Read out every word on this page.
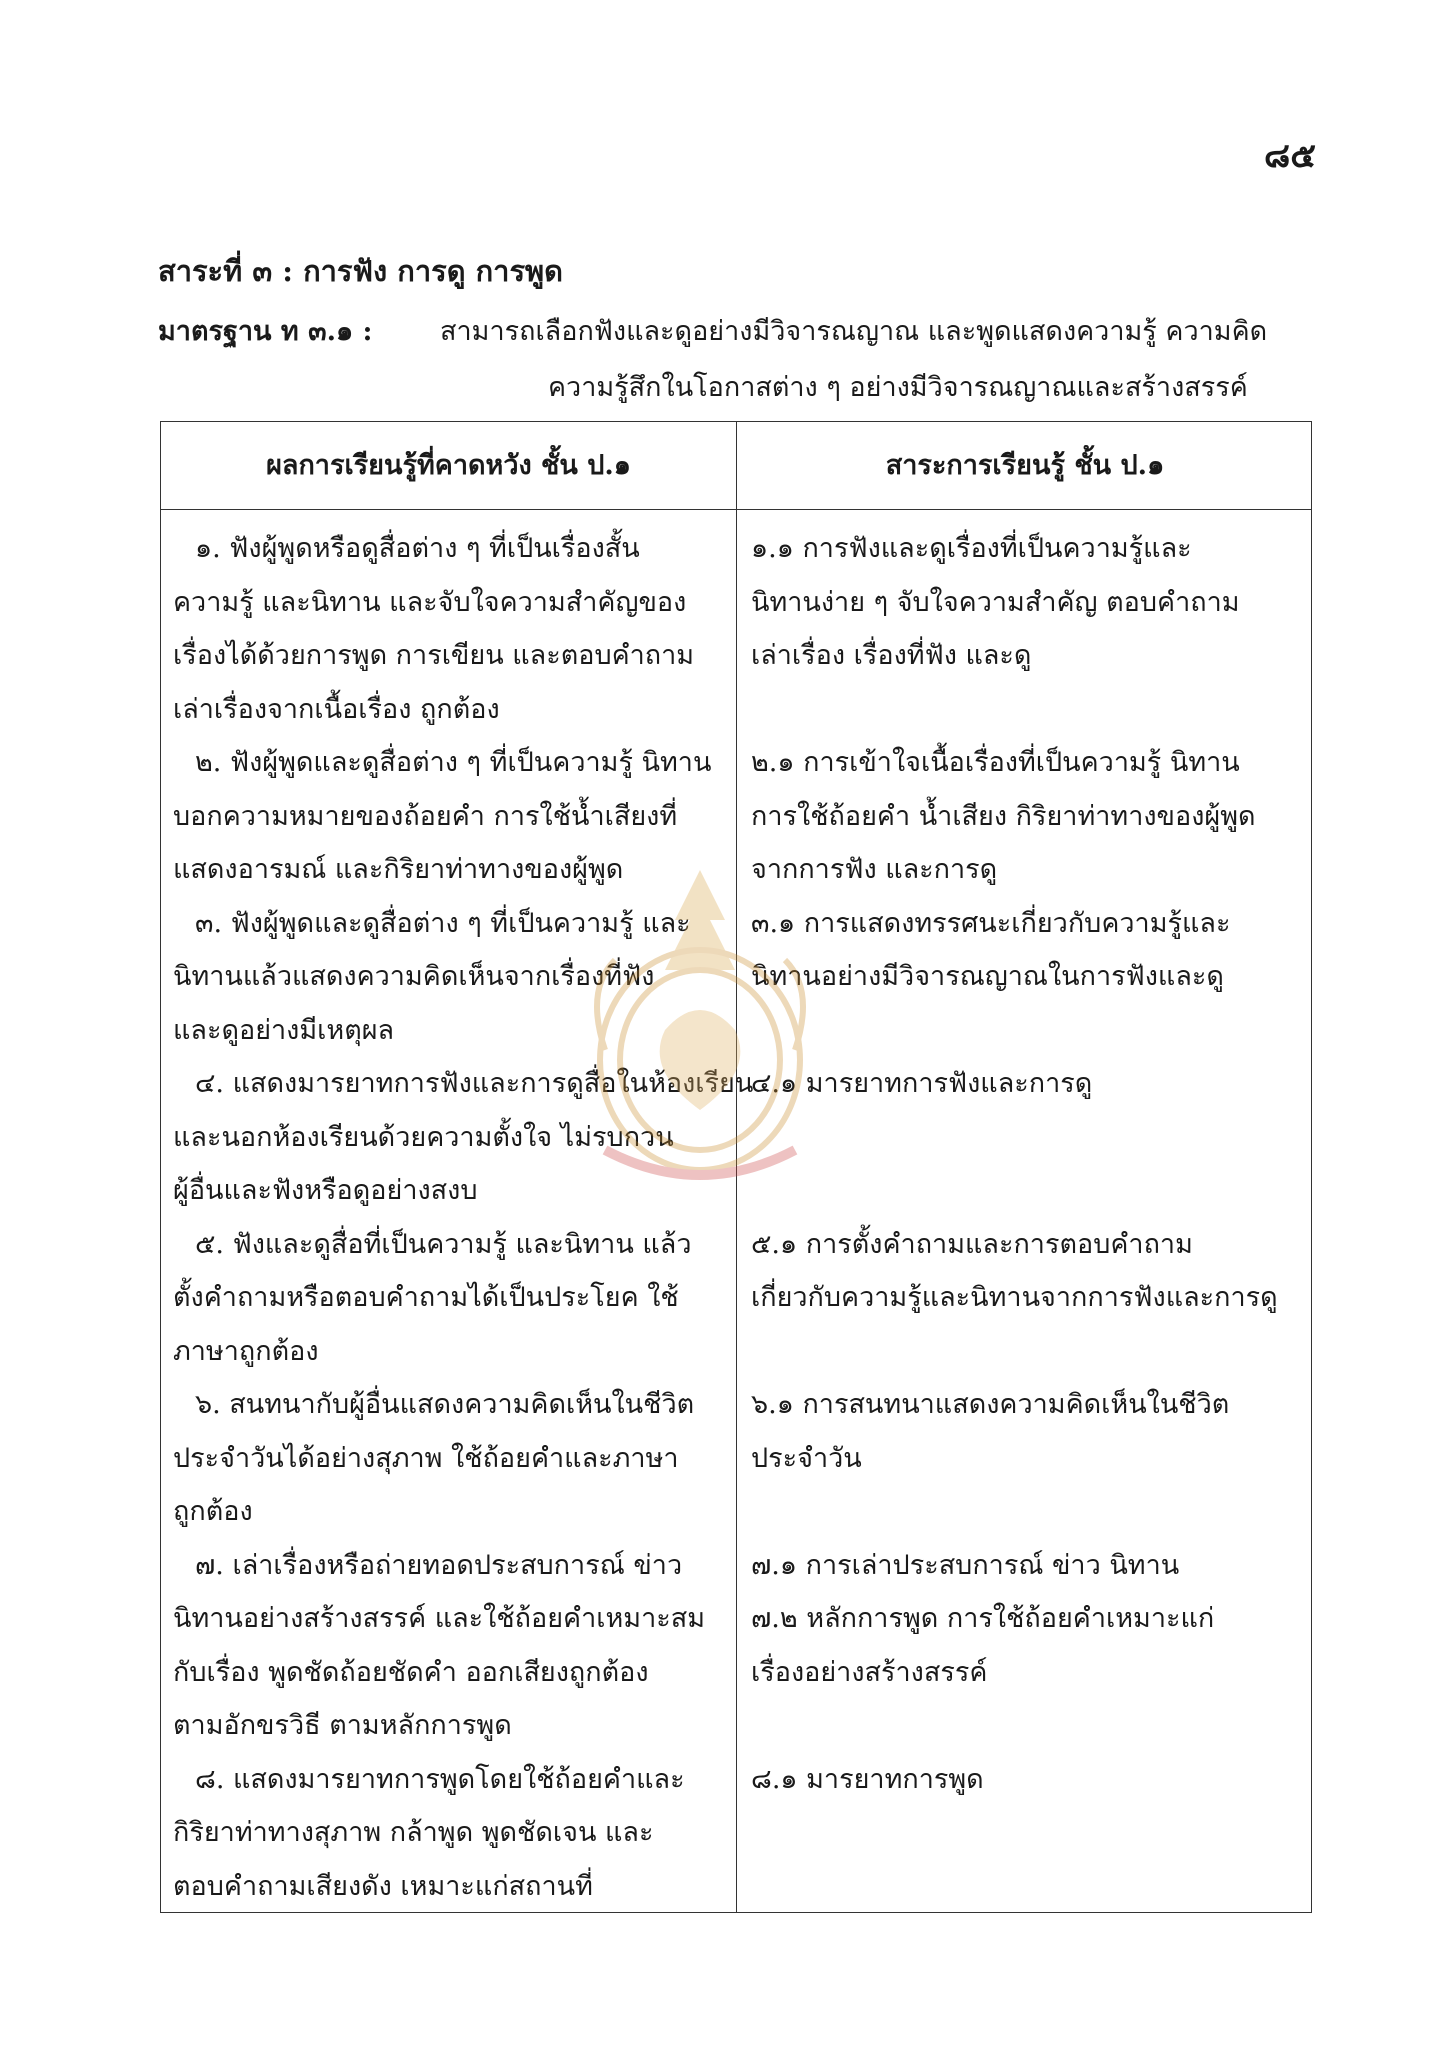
๘๕
สาระที่ ๓ : การฟัง การดู การพูด
มาตรฐาน ท ๓.๑ :	สามารถเลือกฟังและดูอย่างมีวิจารณญาณ และพูดแสดงความรู้ ความคิด
ความรู้สึกในโอกาสต่าง ๆ อย่างมีวิจารณญาณและสร้างสรรค์
ผลการเรียนรู้ที่คาดหวัง ชั้น ป.๑	สาระการเรียนรู้ ชั้น ป.๑
๑. ฟังผู้พูดหรือดูสื่อต่าง ๆ ที่เป็นเรื่องสั้น
ความรู้ และนิทาน และจับใจความสำคัญของ
เรื่องได้ด้วยการพูด การเขียน และตอบคำถาม
เล่าเรื่องจากเนื้อเรื่อง ถูกต้อง
๒. ฟังผู้พูดและดูสื่อต่าง ๆ ที่เป็นความรู้ นิทาน
บอกความหมายของถ้อยคำ การใช้น้ำเสียงที่
แสดงอารมณ์ และกิริยาท่าทางของผู้พูด
๓. ฟังผู้พูดและดูสื่อต่าง ๆ ที่เป็นความรู้ และ
นิทานแล้วแสดงความคิดเห็นจากเรื่องที่ฟัง
และดูอย่างมีเหตุผล
๔. แสดงมารยาทการฟังและการดูสื่อในห้องเรียน
และนอกห้องเรียนด้วยความตั้งใจ ไม่รบกวน
ผู้อื่นและฟังหรือดูอย่างสงบ
๕. ฟังและดูสื่อที่เป็นความรู้ และนิทาน แล้ว
ตั้งคำถามหรือตอบคำถามได้เป็นประโยค ใช้
ภาษาถูกต้อง
๖. สนทนากับผู้อื่นแสดงความคิดเห็นในชีวิต
ประจำวันได้อย่างสุภาพ ใช้ถ้อยคำและภาษา
ถูกต้อง
๗. เล่าเรื่องหรือถ่ายทอดประสบการณ์ ข่าว
นิทานอย่างสร้างสรรค์ และใช้ถ้อยคำเหมาะสม
กับเรื่อง พูดชัดถ้อยชัดคำ ออกเสียงถูกต้อง
ตามอักขรวิธี ตามหลักการพูด
๘. แสดงมารยาทการพูดโดยใช้ถ้อยคำและ
กิริยาท่าทางสุภาพ กล้าพูด พูดชัดเจน และ
ตอบคำถามเสียงดัง เหมาะแก่สถานที่
๑.๑ การฟังและดูเรื่องที่เป็นความรู้และ
นิทานง่าย ๆ จับใจความสำคัญ ตอบคำถาม
เล่าเรื่อง เรื่องที่ฟัง และดู
๒.๑ การเข้าใจเนื้อเรื่องที่เป็นความรู้ นิทาน
การใช้ถ้อยคำ น้ำเสียง กิริยาท่าทางของผู้พูด
จากการฟัง และการดู
๓.๑ การแสดงทรรศนะเกี่ยวกับความรู้และ
นิทานอย่างมีวิจารณญาณในการฟังและดู
๔.๑ มารยาทการฟังและการดู
๕.๑ การตั้งคำถามและการตอบคำถาม
เกี่ยวกับความรู้และนิทานจากการฟังและการดู
๖.๑ การสนทนาแสดงความคิดเห็นในชีวิต
ประจำวัน
๗.๑ การเล่าประสบการณ์ ข่าว นิทาน
๗.๒ หลักการพูด การใช้ถ้อยคำเหมาะแก่
เรื่องอย่างสร้างสรรค์
๘.๑ มารยาทการพูด
